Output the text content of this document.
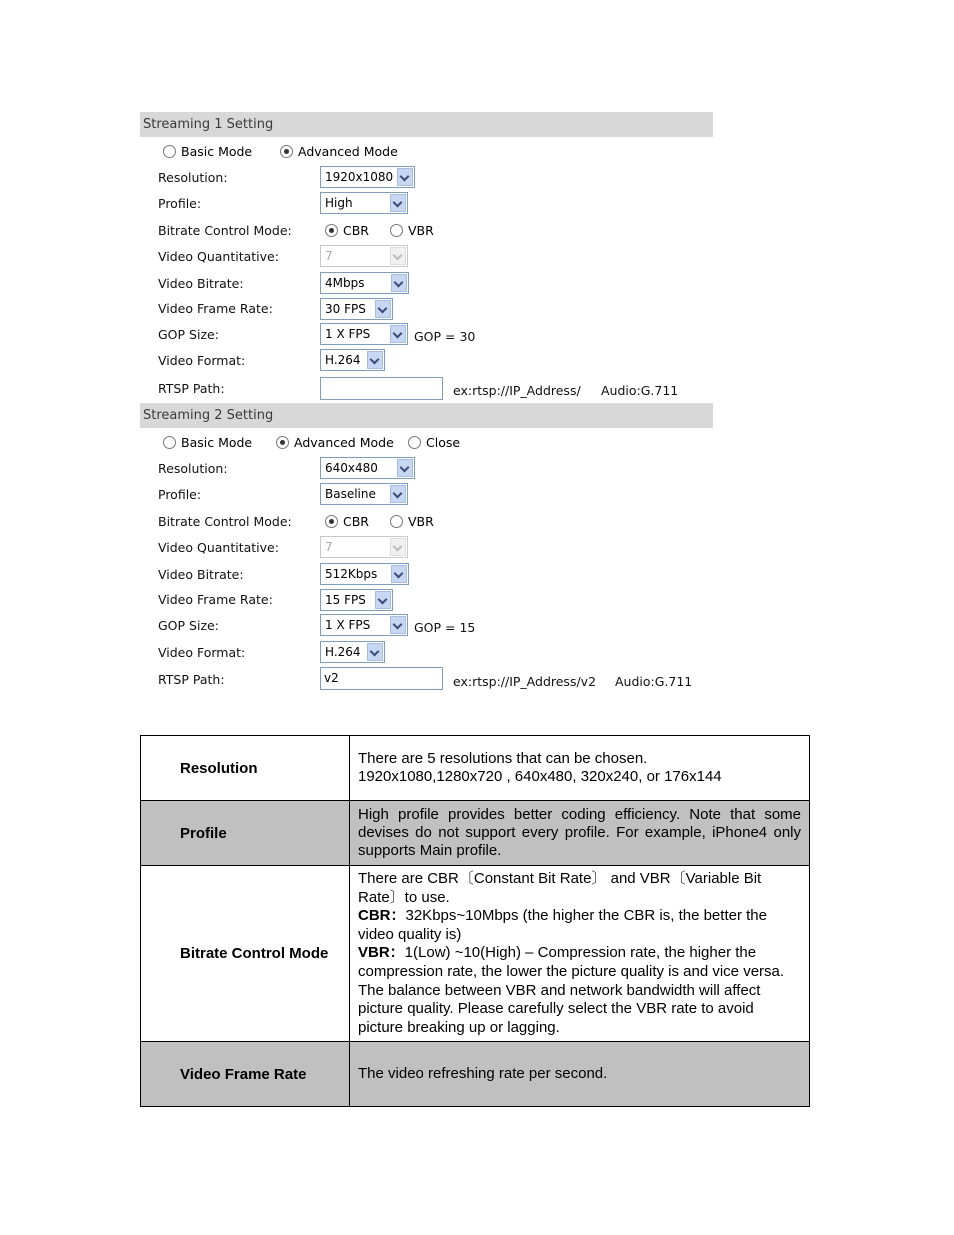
Streaming 1 Setting
Basic Mode	Advanced Mode
Resolution:	1920x1080
Profile:	High
Bitrate Control Mode:	CBR	VBR
Video Quantitative:	7
Video Bitrate:	4Mbps
Video Frame Rate:	30 FPS
GOP Size:	1 X FPS	GOP = 30
Video Format:	H.264
RTSP Path:	ex:rtsp://IP_Address/ Audio:G.711
Streaming 2 Setting
Basic Mode	Advanced Mode	Close
Resolution:	640x480
Profile:	Baseline
Bitrate Control Mode:	CBR	VBR
Video Quantitative:	7
Video Bitrate:	512Kbps
Video Frame Rate:	15 FPS
GOP Size:	1 X FPS	GOP = 15
Video Format:	H.264
RTSP Path:	v2	ex:rtsp://IP_Address/v2 Audio:G.711
Resolution	There are 5 resolutions that can be chosen.
1920x1080,1280x720 , 640x480, 320x240, or 176x144

Profile	High profile provides better coding efficiency. Note that some devises do not support every profile. For example, iPhone4 only supports Main profile.
Bitrate Control Mode	There are CBR〔Constant Bit Rate〕 and VBR〔Variable Bit Rate〕to use.
CBR：32Kbps~10Mbps (the higher the CBR is, the better the video quality is)
VBR：1(Low) ~10(High) – Compression rate, the higher the compression rate, the lower the picture quality is and vice versa. The balance between VBR and network bandwidth will affect picture quality. Please carefully select the VBR rate to avoid picture breaking up or lagging.

Video Frame Rate	The video refreshing rate per second.
